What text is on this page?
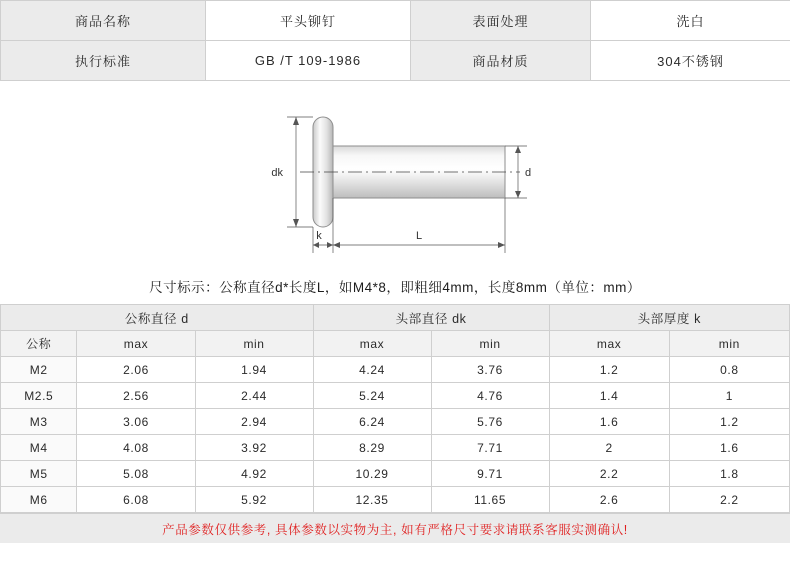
商品名称	平头铆钉	表面处理	洗白
执行标准	GB /T 109-1986	商品材质	304不锈钢
dk	d
k	L
尺寸标示：公称直径d*长度L，如M4*8，即粗细4mm，长度8mm（单位：mm）
公称直径 d			头部直径 dk		头部厚度 k	
公称	max	min	max	min	max	min
M2	2.06	1.94	4.24	3.76	1.2	0.8
M2.5	2.56	2.44	5.24	4.76	1.4	1
M3	3.06	2.94	6.24	5.76	1.6	1.2
M4	4.08	3.92	8.29	7.71	2	1.6
M5	5.08	4.92	10.29	9.71	2.2	1.8
M6	6.08	5.92	12.35	11.65	2.6	2.2
产品参数仅供参考, 具体参数以实物为主, 如有严格尺寸要求请联系客服实测确认!
